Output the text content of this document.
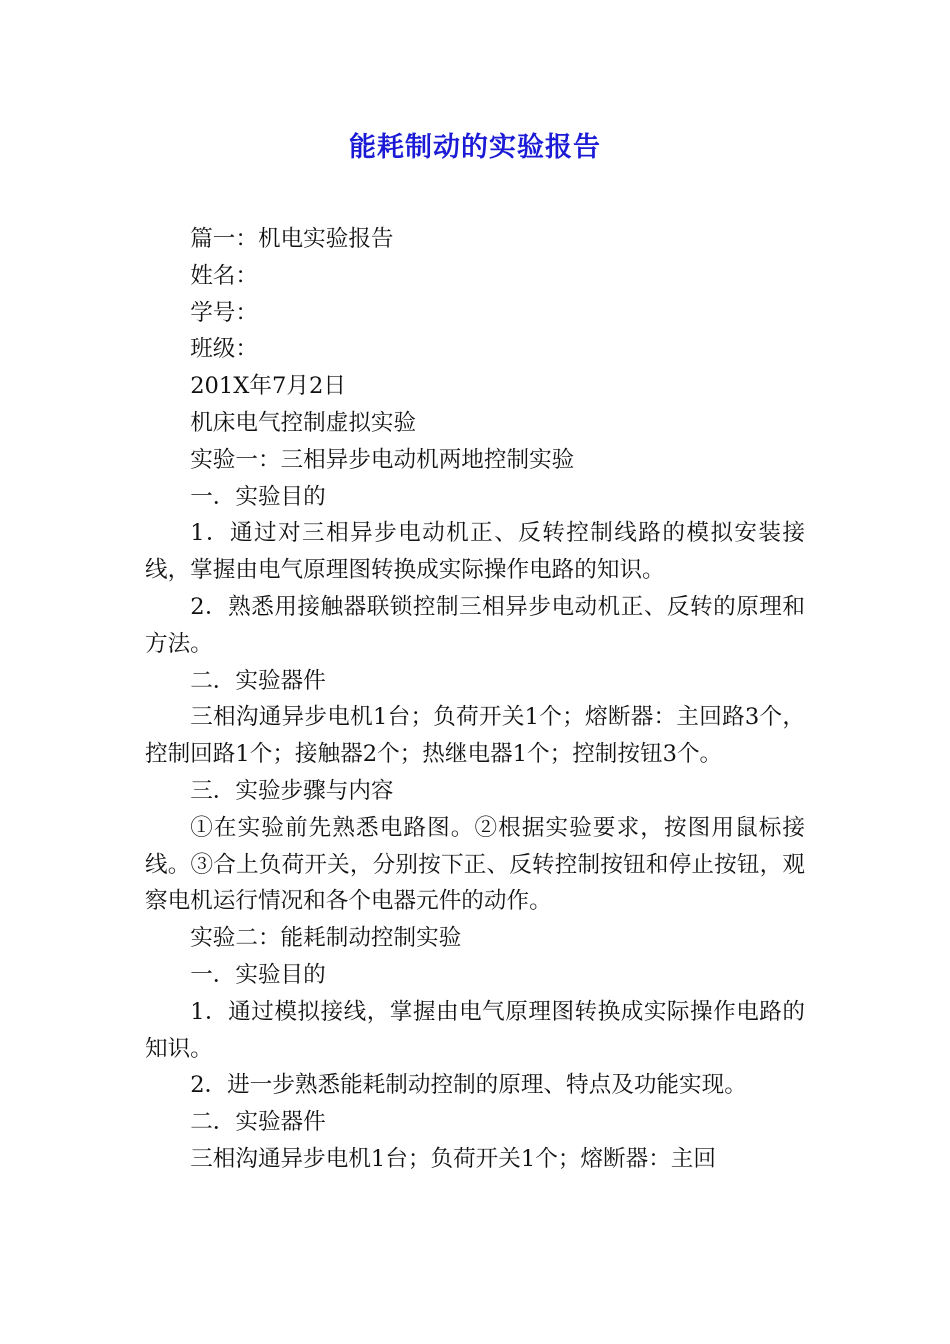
能耗制动的实验报告

篇一：机电实验报告

姓名：

学号：

班级：

201X年7月2日

机床电气控制虚拟实验

实验一：三相异步电动机两地控制实验

一．实验目的

1．通过对三相异步电动机正、反转控制线路的模拟安装接线，掌握由电气原理图转换成实际操作电路的知识。

2．熟悉用接触器联锁控制三相异步电动机正、反转的原理和方法。

二．实验器件

三相沟通异步电机1台；负荷开关1个；熔断器：主回路3个，控制回路1个；接触器2个；热继电器1个；控制按钮3个。

三．实验步骤与内容

①在实验前先熟悉电路图。②根据实验要求，按图用鼠标接线。③合上负荷开关，分别按下正、反转控制按钮和停止按钮，观察电机运行情况和各个电器元件的动作。

实验二：能耗制动控制实验

一．实验目的

1．通过模拟接线，掌握由电气原理图转换成实际操作电路的知识。

2．进一步熟悉能耗制动控制的原理、特点及功能实现。

二．实验器件

三相沟通异步电机1台；负荷开关1个；熔断器：主回
